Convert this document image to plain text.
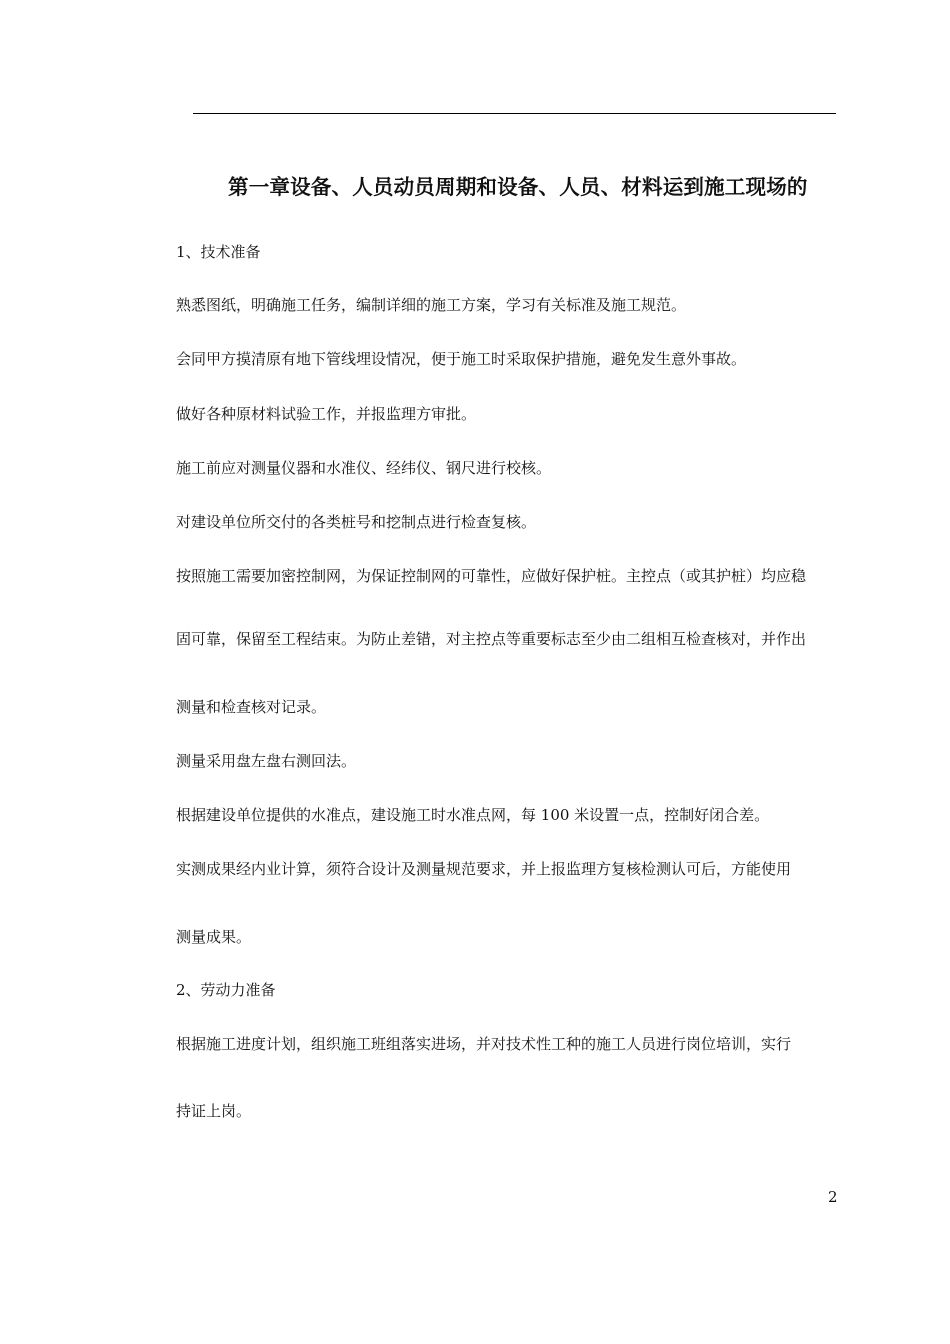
第一章设备、人员动员周期和设备、人员、材料运到施工现场的
1、技术准备
熟悉图纸，明确施工任务，编制详细的施工方案，学习有关标准及施工规范。
会同甲方摸清原有地下管线埋设情况，便于施工时采取保护措施，避免发生意外事故。
做好各种原材料试验工作，并报监理方审批。
施工前应对测量仪器和水准仪、经纬仪、钢尺进行校核。
对建设单位所交付的各类桩号和挖制点进行检查复核。
按照施工需要加密控制网，为保证控制网的可靠性，应做好保护桩。主控点（或其护桩）均应稳
固可靠，保留至工程结束。为防止差错，对主控点等重要标志至少由二组相互检查核对，并作出
测量和检查核对记录。
测量采用盘左盘右测回法。
根据建设单位提供的水准点，建设施工时水准点网，每 100 米设置一点，控制好闭合差。
实测成果经内业计算，须符合设计及测量规范要求，并上报监理方复核检测认可后，方能使用
测量成果。
2、劳动力准备
根据施工进度计划，组织施工班组落实进场，并对技术性工种的施工人员进行岗位培训，实行
持证上岗。
2
